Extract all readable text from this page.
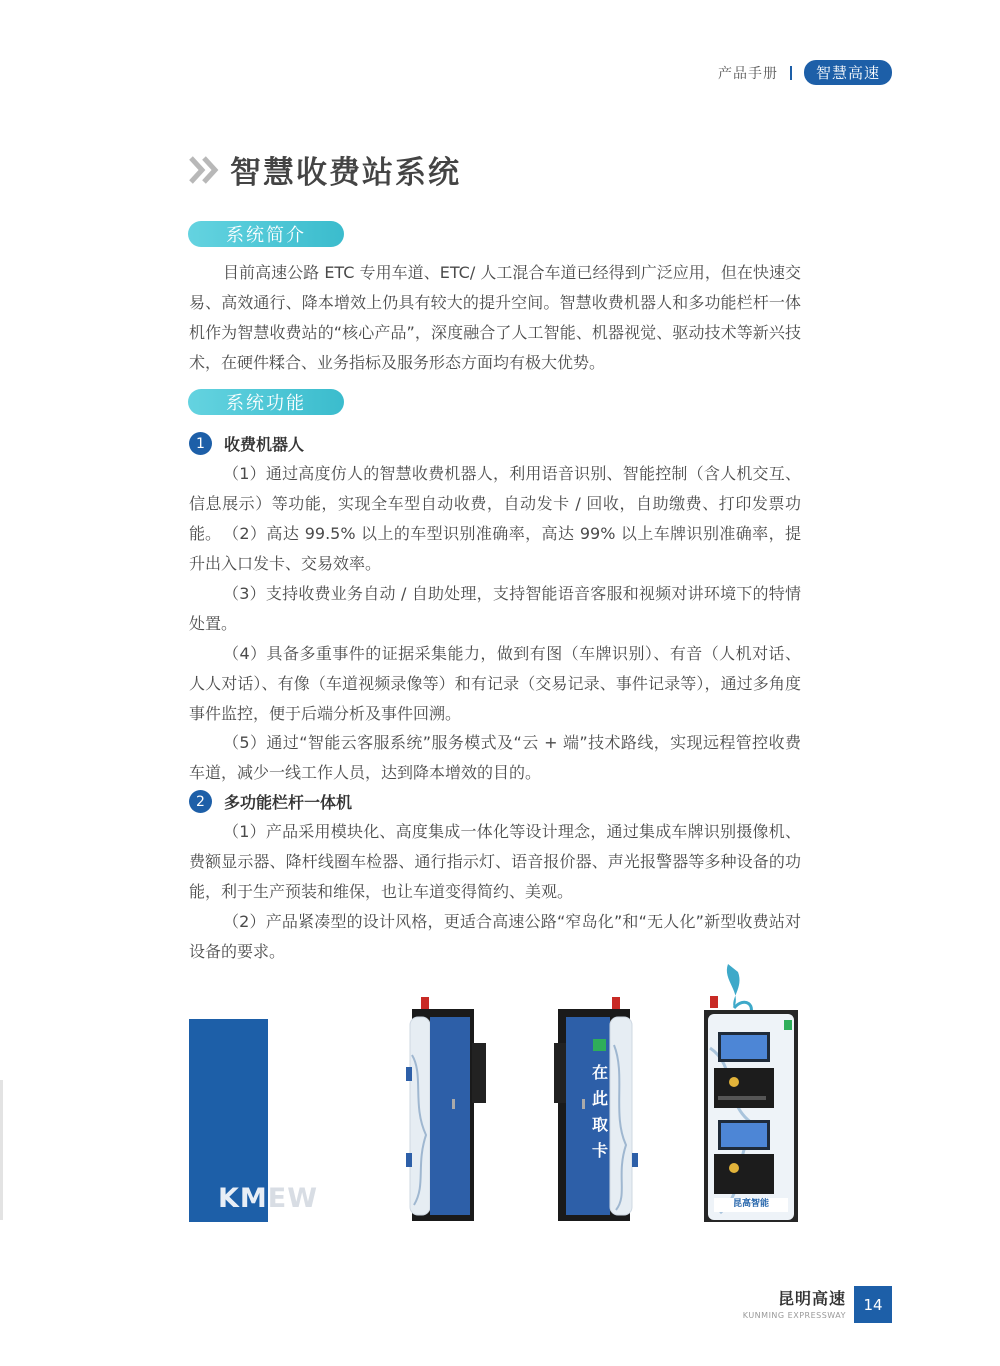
产品手册	智慧高速
智慧收费站系统
系统简介
目前高速公路 ETC 专用车道、ETC/ 人工混合车道已经得到广泛应用，但在快速交易、高效通行、降本增效上仍具有较大的提升空间。智慧收费机器人和多功能栏杆一体机作为智慧收费站的“核心产品”，深度融合了人工智能、机器视觉、驱动技术等新兴技术，在硬件糅合、业务指标及服务形态方面均有极大优势。
系统功能
1	收费机器人
（1）通过高度仿人的智慧收费机器人，利用语音识别、智能控制（含人机交互、信息展示）等功能，实现全车型自动收费，自动发卡 / 回收，自助缴费、打印发票功能。 （2）高达 99.5% 以上的车型识别准确率，高达 99% 以上车牌识别准确率，提升出入口发卡、交易效率。
（3）支持收费业务自动 / 自助处理，支持智能语音客服和视频对讲环境下的特情处置。
（4）具备多重事件的证据采集能力，做到有图（车牌识别）、有音（人机对话、人人对话）、有像（车道视频录像等）和有记录（交易记录、事件记录等），通过多角度事件监控，便于后端分析及事件回溯。
（5）通过“智能云客服系统”服务模式及“云 + 端”技术路线，实现远程管控收费车道，减少一线工作人员，达到降本增效的目的。
2	多功能栏杆一体机
（1）产品采用模块化、高度集成一体化等设计理念，通过集成车牌识别摄像机、费额显示器、降杆线圈车检器、通行指示灯、语音报价器、声光报警器等多种设备的功能，利于生产预装和维保，也让车道变得简约、美观。
（2）产品紧凑型的设计风格，更适合高速公路“窄岛化”和“无人化”新型收费站对设备的要求。
KMEW
在
此
取
卡
昆高智能
昆明高速
KUNMING EXPRESSWAY
14
